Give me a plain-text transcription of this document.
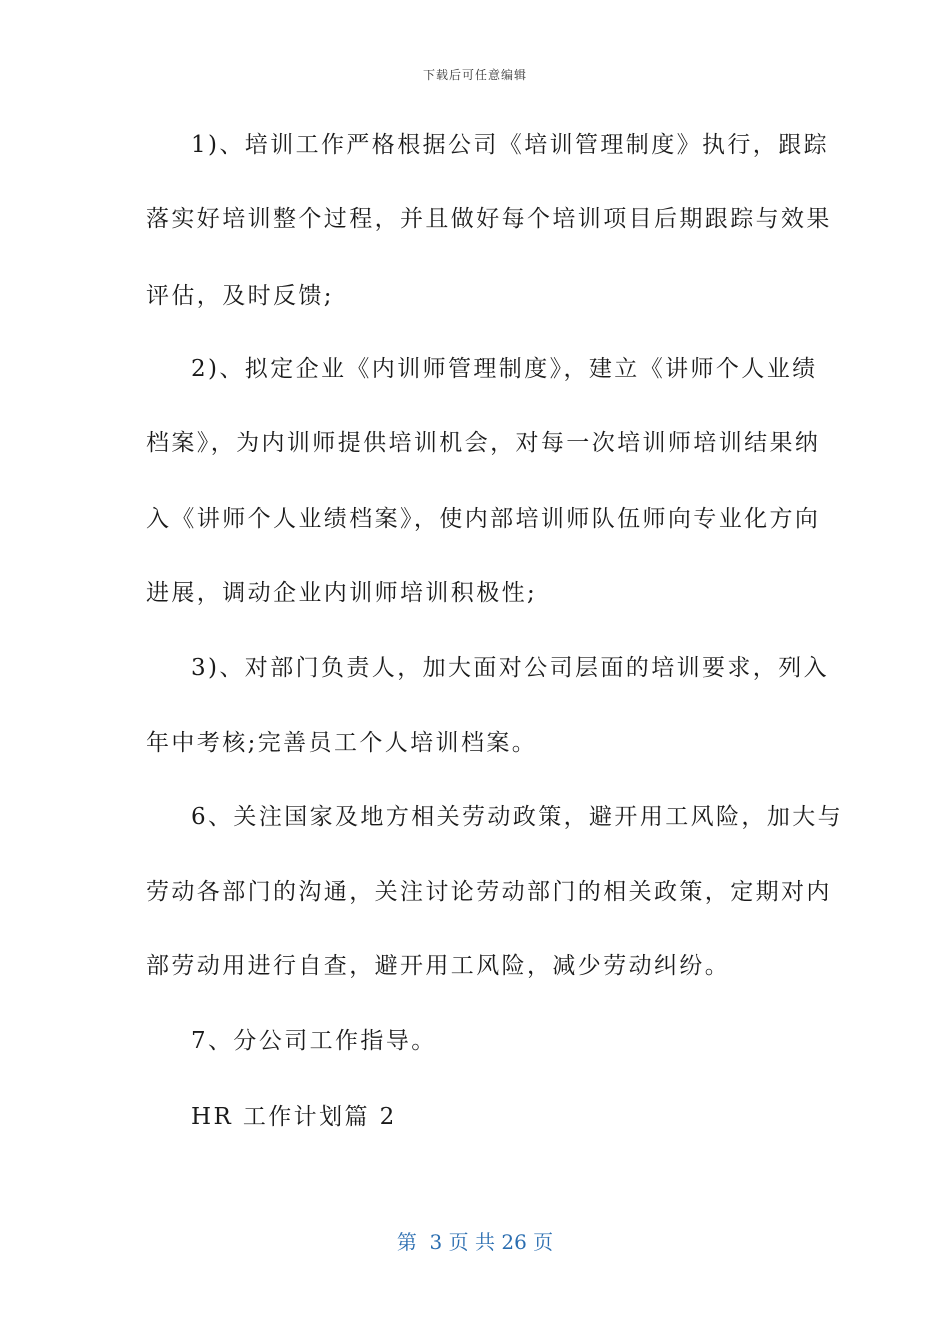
下载后可任意编辑
1)、培训工作严格根据公司《培训管理制度》执行，跟踪
落实好培训整个过程，并且做好每个培训项目后期跟踪与效果
评估，及时反馈;
2)、拟定企业《内训师管理制度》，建立《讲师个人业绩
档案》，为内训师提供培训机会，对每一次培训师培训结果纳
入《讲师个人业绩档案》，使内部培训师队伍师向专业化方向
进展，调动企业内训师培训积极性;
3)、对部门负责人，加大面对公司层面的培训要求，列入
年中考核;完善员工个人培训档案。
6、关注国家及地方相关劳动政策，避开用工风险，加大与
劳动各部门的沟通，关注讨论劳动部门的相关政策，定期对内
部劳动用进行自查，避开用工风险，减少劳动纠纷。
7、分公司工作指导。
HR 工作计划篇 2
第  3 页 共 26 页
